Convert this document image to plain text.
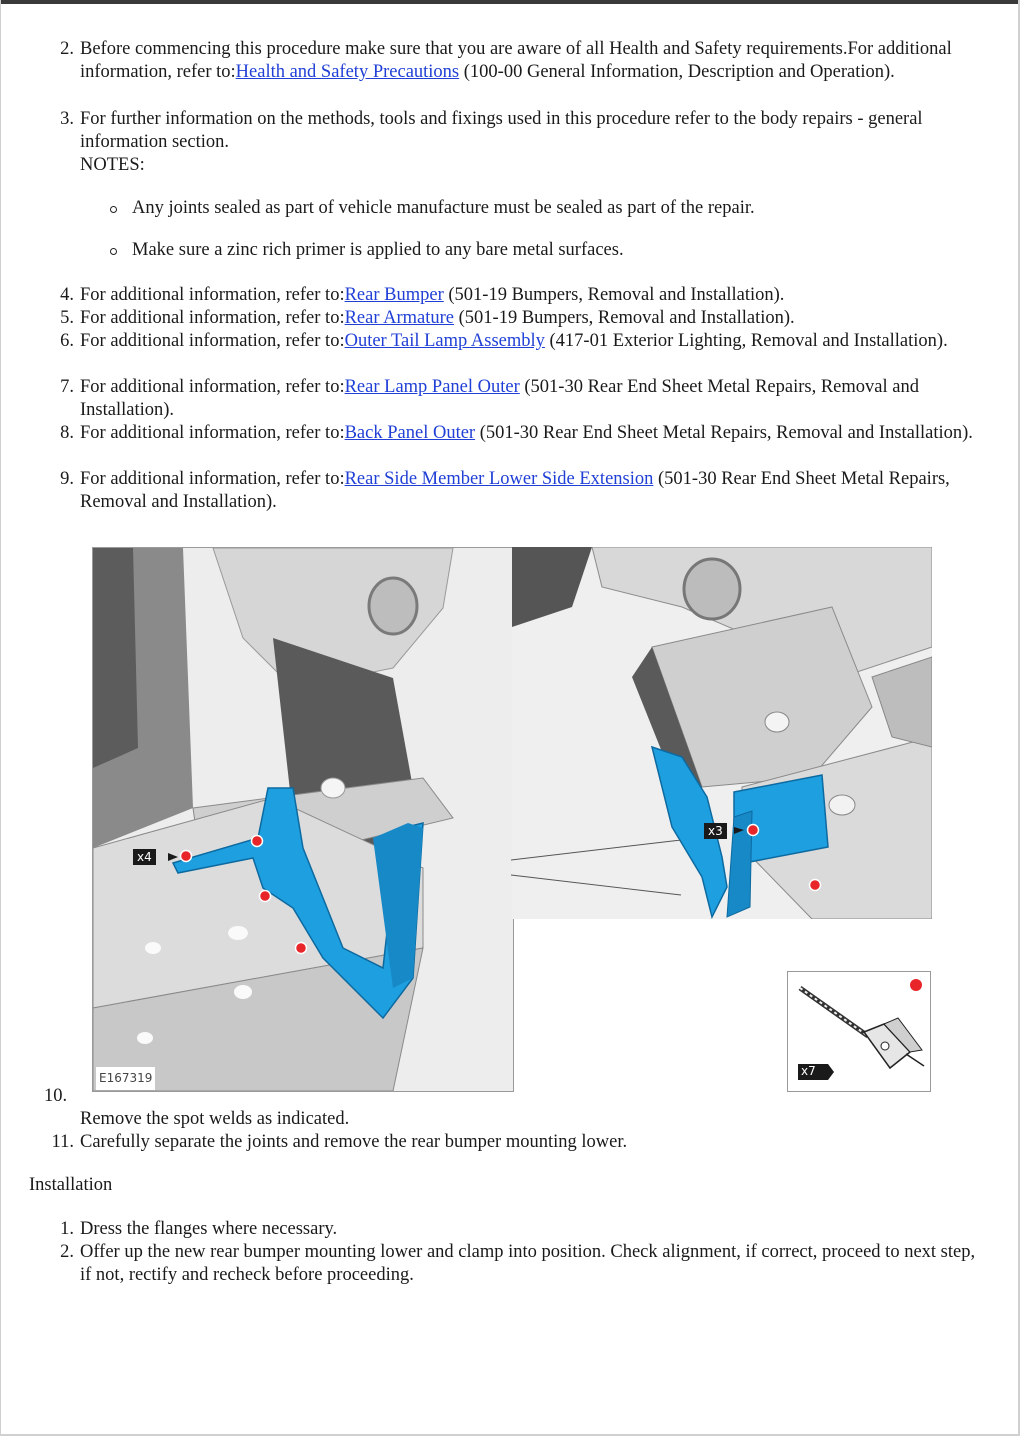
2. Before commencing this procedure make sure that you are aware of all Health and Safety requirements.For additional information, refer to:Health and Safety Precautions (100-00 General Information, Description and Operation).
3. For further information on the methods, tools and fixings used in this procedure refer to the body repairs - general information section.
NOTES:
Any joints sealed as part of vehicle manufacture must be sealed as part of the repair.
Make sure a zinc rich primer is applied to any bare metal surfaces.
4. For additional information, refer to:Rear Bumper (501-19 Bumpers, Removal and Installation).
5. For additional information, refer to:Rear Armature (501-19 Bumpers, Removal and Installation).
6. For additional information, refer to:Outer Tail Lamp Assembly (417-01 Exterior Lighting, Removal and Installation).
7. For additional information, refer to:Rear Lamp Panel Outer (501-30 Rear End Sheet Metal Repairs, Removal and Installation).
8. For additional information, refer to:Back Panel Outer (501-30 Rear End Sheet Metal Repairs, Removal and Installation).
9. For additional information, refer to:Rear Side Member Lower Side Extension (501-30 Rear End Sheet Metal Repairs, Removal and Installation).
x4
E167319
x3
x7
10.
Remove the spot welds as indicated.
11. Carefully separate the joints and remove the rear bumper mounting lower.
Installation
1. Dress the flanges where necessary.
2. Offer up the new rear bumper mounting lower and clamp into position. Check alignment, if correct, proceed to next step, if not, rectify and recheck before proceeding.
